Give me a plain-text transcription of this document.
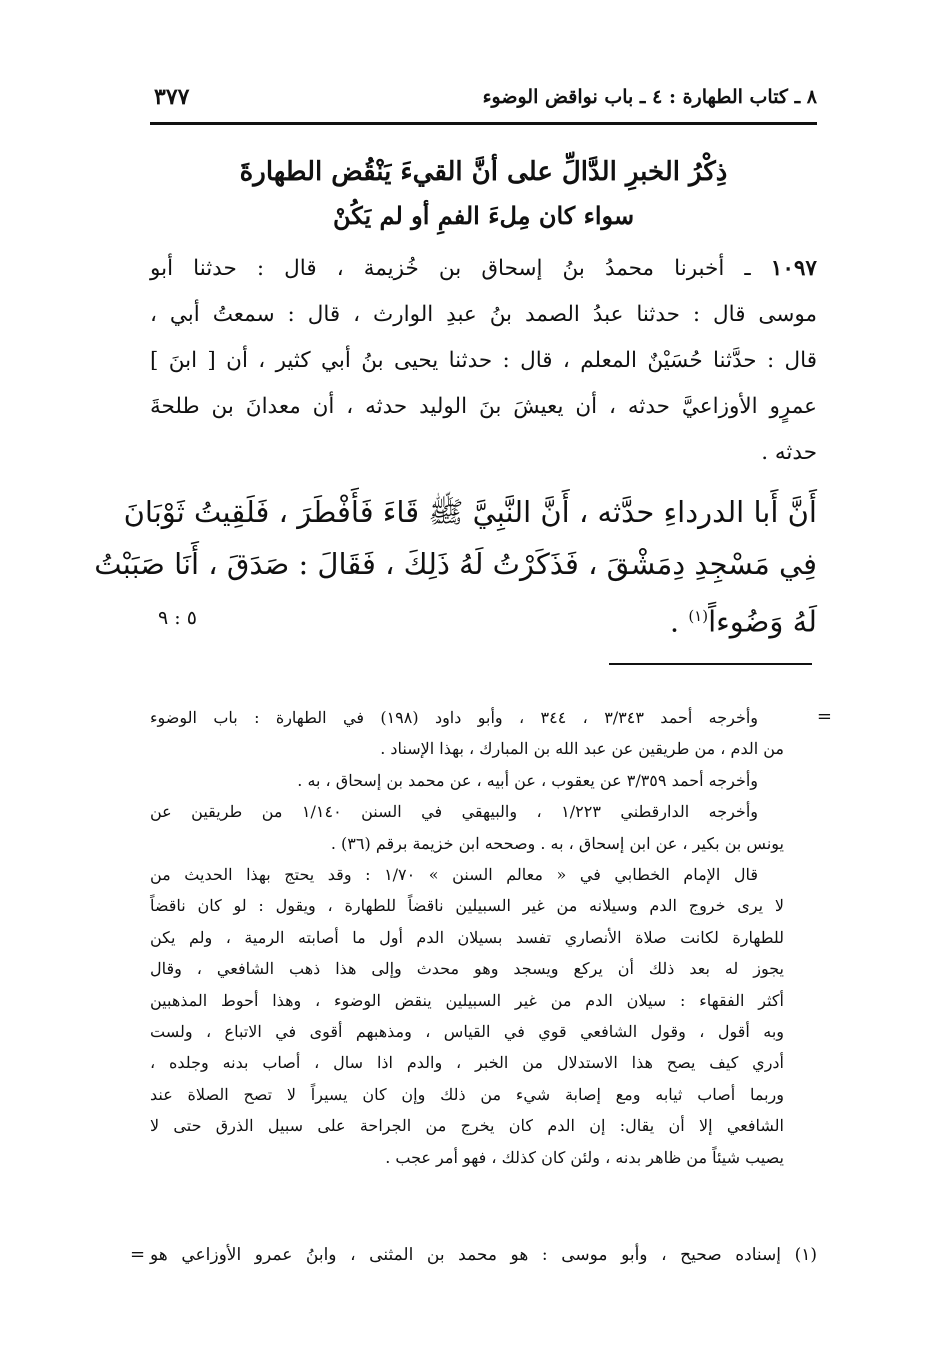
٨ ـ كتاب الطهارة : ٤ ـ باب نواقض الوضوء
٣٧٧
ذِكْرُ الخبرِ الدَّالِّ على أنَّ القيءَ يَنْقُض الطهارةَ
سواء كان مِلءَ الفمِ أو لم يَكُنْ
١٠٩٧ ـ أخبرنا محمدُ بنُ إسحاق بن خُزيمة ، قال : حدثنا أبو
موسى قال : حدثنا عبدُ الصمد بنُ عبدِ الوارث ، قال : سمعتُ أبي ،
قال : حدَّثنا حُسَيْنٌ المعلم ، قال : حدثنا يحيى بنُ أبي كثير ، أن [ ابنَ ]
عمرٍو الأوزاعيَّ حدثه ، أن يعيشَ بنَ الوليد حدثه ، أن معدانَ بن طلحةَ
حدثه .
أَنَّ أَبا الدرداءِ حدَّثه ، أَنَّ النَّبِيَّ ﷺ قَاءَ فَأَفْطَرَ ، فَلَقِيتُ ثَوْبَانَ
فِي مَسْجِدِ دِمَشْقَ ، فَذَكَرْتُ لَهُ ذَلِكَ ، فَقَالَ : صَدَقَ ، أَنَا صَبَبْتُ
لَهُ وَضُوءاً$^{(١)}$ .
٥ : ٩
=
وأخرجه أحمد ٣/٣٤٣ ، ٣٤٤ ، وأبو داود (١٩٨) في الطهارة : باب الوضوء
من الدم ، من طريقين عن عبد الله بن المبارك ، بهذا الإسناد .
وأخرجه أحمد ٣/٣٥٩ عن يعقوب ، عن أبيه ، عن محمد بن إسحاق ، به .
وأخرجه الدارقطني ١/٢٢٣ ، والبيهقي في السنن ١/١٤٠ من طريقين عن
يونس بن بكير ، عن ابن إسحاق ، به . وصححه ابن خزيمة برقم (٣٦) .
قال الإمام الخطابي في « معالم السنن » ١/٧٠ : وقد يحتج بهذا الحديث من
لا يرى خروج الدم وسيلانه من غير السبيلين ناقضاً للطهارة ، ويقول : لو كان ناقضاً
للطهارة لكانت صلاة الأنصاري تفسد بسيلان الدم أول ما أصابته الرمية ، ولم يكن
يجوز له بعد ذلك أن يركع ويسجد وهو محدث وإلى هذا ذهب الشافعي ، وقال
أكثر الفقهاء : سيلان الدم من غير السبيلين ينقض الوضوء ، وهذا أحوط المذهبين
وبه أقول ، وقول الشافعي قوي في القياس ، ومذهبهم أقوى في الاتباع ، ولست
أدري كيف يصح هذا الاستدلال من الخبر ، والدم اذا سال ، أصاب بدنه وجلده ،
وربما أصاب ثيابه ومع إصابة شيء من ذلك وإن كان يسيراً لا تصح الصلاة عند
الشافعي إلا أن يقال: إن الدم كان يخرج من الجراحة على سبيل الذرق حتى لا
يصيب شيئاً من ظاهر بدنه ، ولئن كان كذلك ، فهو أمر عجب .
(١) إسناده صحيح ، وأبو موسى : هو محمد بن المثنى ، وابنُ عمرو الأوزاعي هو
=
